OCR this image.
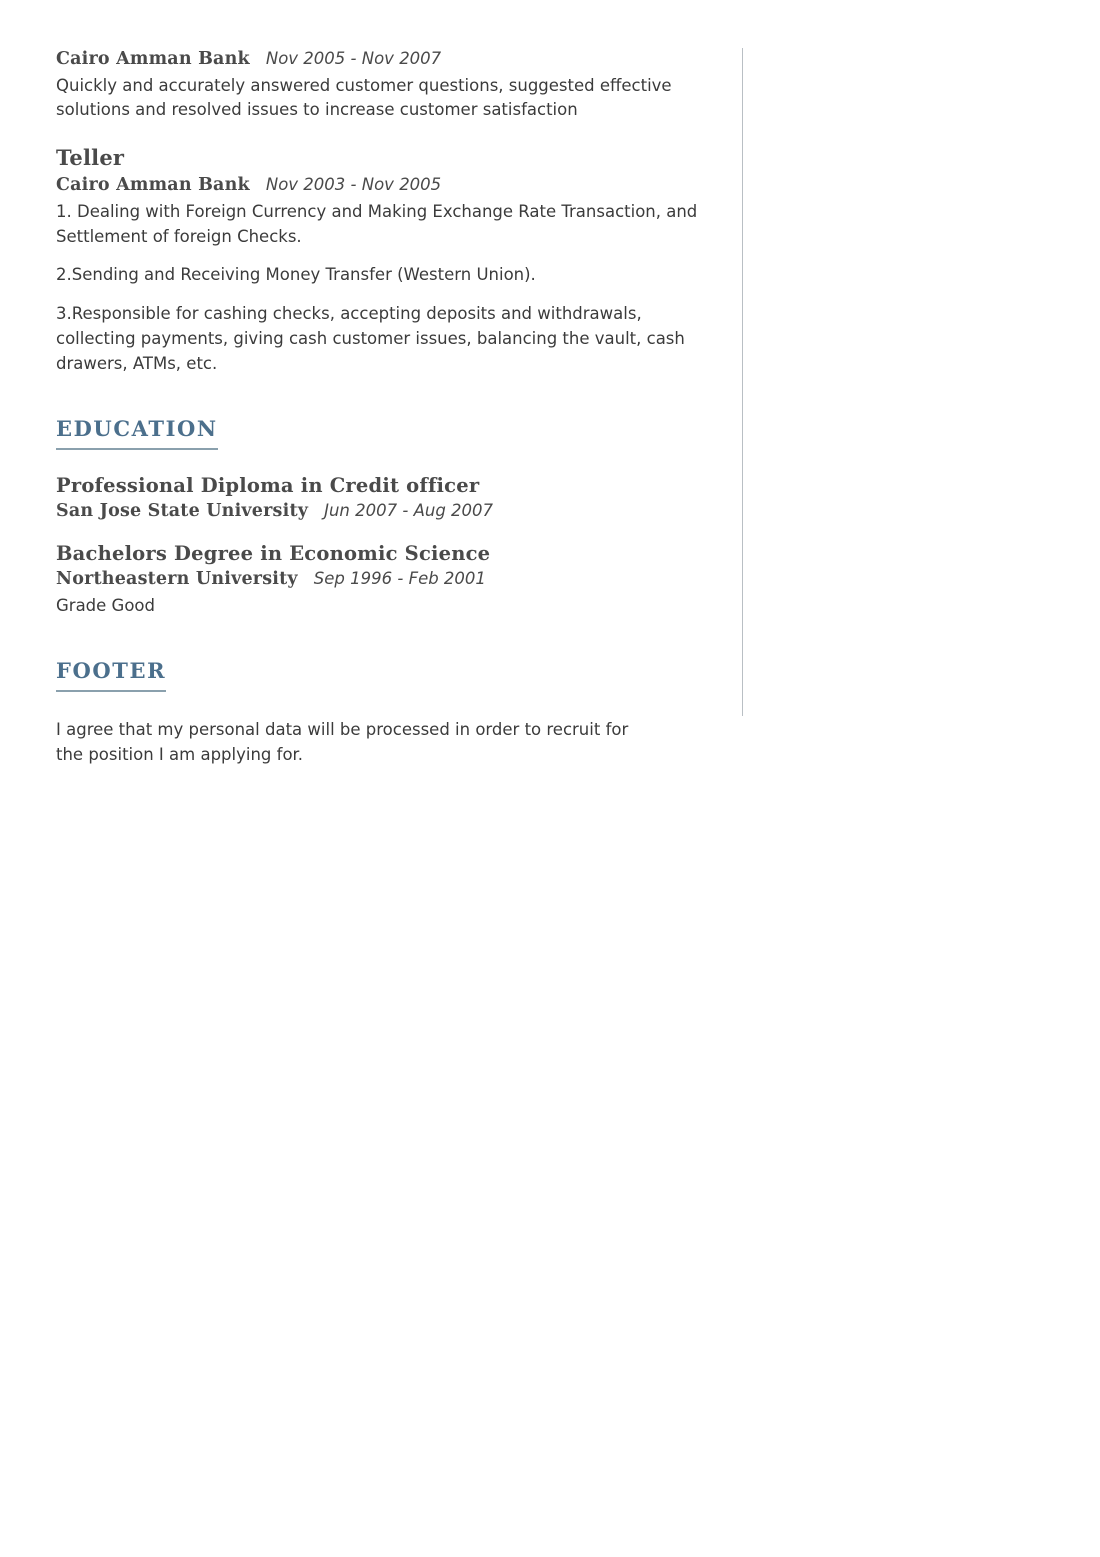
Cairo Amman Bank Nov 2005 - Nov 2007

Quickly and accurately answered customer questions, suggested effective solutions and resolved issues to increase customer satisfaction

Teller

Cairo Amman Bank Nov 2003 - Nov 2005

1. Dealing with Foreign Currency and Making Exchange Rate Transaction, and Settlement of foreign Checks.

2.Sending and Receiving Money Transfer (Western Union).

3.Responsible for cashing checks, accepting deposits and withdrawals, collecting payments, giving cash customer issues, balancing the vault, cash drawers, ATMs, etc.

EDUCATION

Professional Diploma in Credit officer

San Jose State University Jun 2007 - Aug 2007

Bachelors Degree in Economic Science

Northeastern University Sep 1996 - Feb 2001

Grade Good

FOOTER

I agree that my personal data will be processed in order to recruit for the position I am applying for.
